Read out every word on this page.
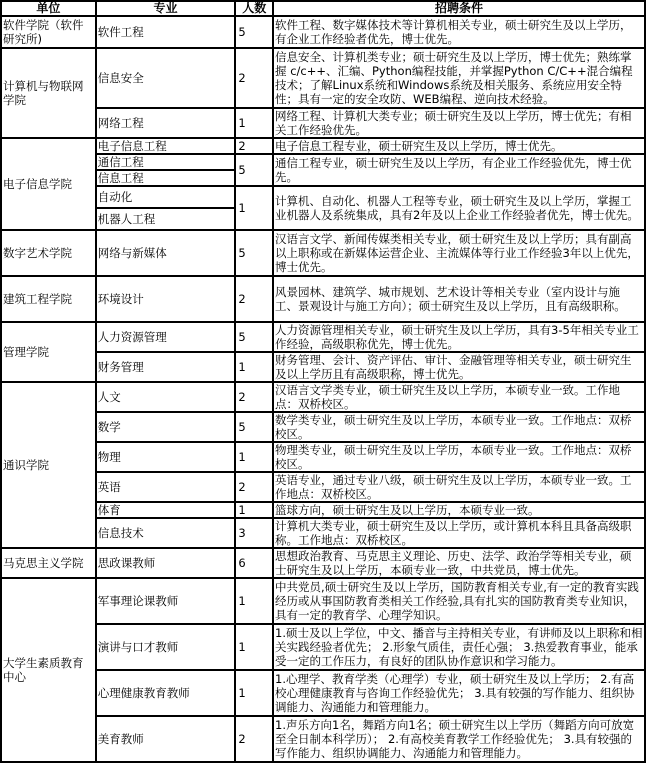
单位	专业	人数	招聘条件
软件学院（软件研究所)	软件工程	5	软件工程、数字媒体技术等计算机相关专业，硕士研究生及以上学历，有企业工作经验者优先，博士优先。
计算机与物联网学院	信息安全	2	信息安全、计算机类专业；硕士研究生及以上学历，博士优先；熟练掌握 c/c++、汇编、Python编程技能，并掌握Python C/C++混合编程技术；了解Linux系统和Windows系统及相关服务、系统应用安全特性；具有一定的安全攻防、WEB编程、逆向技术经验。
	网络工程	1	网络工程、计算机大类专业；硕士研究生及以上学历，博士优先；有相关工作经验优先。
电子信息学院	电子信息工程	2	电子信息工程专业，硕士研究生及以上学历，博士优先。
	通信工程	5	通信工程专业，硕士研究生及以上学历，有企业工作经验优先，博士优先。
	信息工程		
	自动化	1	计算机、自动化、机器人工程等专业，硕士研究生及以上学历，掌握工业机器人及系统集成，具有2年及以上企业工作经验者优先，博士优先。
	机器人工程		
数字艺术学院	网络与新媒体	5	汉语言文学、新闻传媒类相关专业，硕士研究生及以上学历；具有副高以上职称或在新媒体运营企业、主流媒体等行业工作经验3年以上优先，博士优先。
建筑工程学院	环境设计	2	风景园林、建筑学、城市规划、艺术设计等相关专业（室内设计与施工、景观设计与施工方向）；硕士研究生及以上学历，且有高级职称。
管理学院	人力资源管理	5	人力资源管理相关专业，硕士研究生及以上学历，具有3-5年相关专业工作经验，高级职称优先，博士优先。
	财务管理	1	财务管理、会计、资产评估、审计、金融管理等相关专业，硕士研究生及以上学历且有高级职称，博士优先。
通识学院	人文	2	汉语言文学类专业，硕士研究生及以上学历，本硕专业一致。工作地点：双桥校区。
	数学	5	数学类专业，硕士研究生及以上学历，本硕专业一致。工作地点：双桥校区。
	物理	1	物理类专业，硕士研究生及以上学历，本硕专业一致。工作地点：双桥校区。
	英语	2	英语专业，通过专业八级，硕士研究生及以上学历，本硕专业一致。工作地点：双桥校区。
	体育	1	篮球方向，硕士研究生及以上学历，本硕专业一致。
	信息技术	3	计算机大类专业，硕士研究生及以上学历，或计算机本科且具备高级职称。工作地点：双桥校区。
马克思主义学院	思政课教师	6	思想政治教育、马克思主义理论、历史、法学、政治学等相关专业，硕士研究生及以上学历，本硕专业一致，中共党员，博士优先。
大学生素质教育中心	军事理论课教师	1	中共党员,硕士研究生及以上学历，国防教育相关专业,有一定的教育实践经历或从事国防教育类相关工作经验,具有扎实的国防教育类专业知识，具有一定的教育学、心理学知识。
	演讲与口才教师	1	1.硕士及以上学位，中文、播音与主持相关专业，有讲师及以上职称和相关实践经验者优先； 2.形象气质佳，责任心强； 3.热爱教育事业，能承受一定的工作压力，有良好的团队协作意识和学习能力。
	心理健康教育教师	1	1.心理学、教育学类（心理学）专业，硕士研究生及以上学历； 2.有高校心理健康教育与咨询工作经验优先； 3.具有较强的写作能力、组织协调能力、沟通能力和管理能力。
	美育教师	2	1.声乐方向1名，舞蹈方向1名；硕士研究生以上学历（舞蹈方向可放宽至全日制本科学历）； 2.有高校美育教学工作经验优先； 3.具有较强的写作能力、组织协调能力、沟通能力和管理能力。
